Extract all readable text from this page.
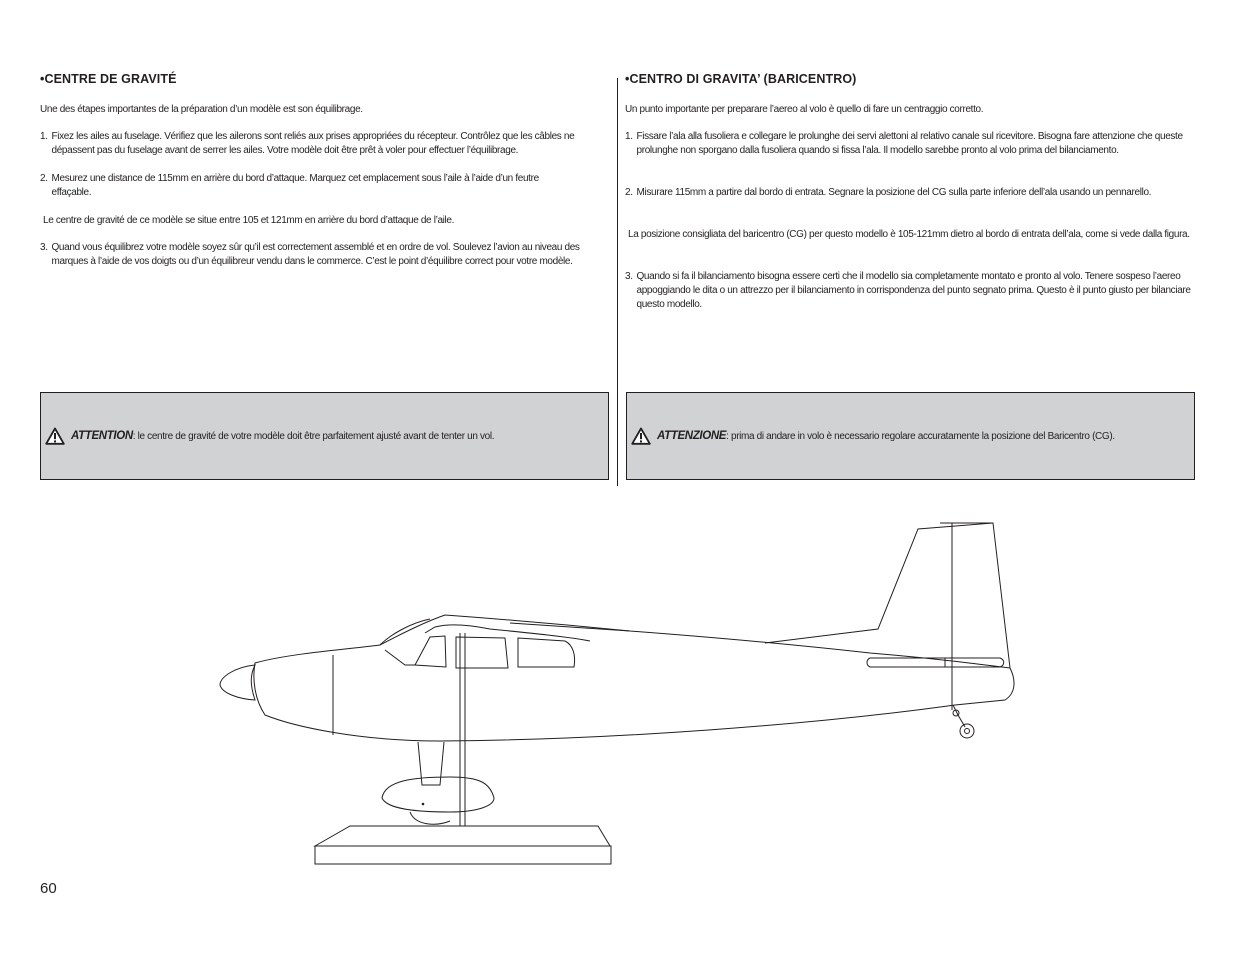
•CENTRE DE GRAVITÉ

Une des étapes importantes de la préparation d’un modèle est son équilibrage.

1. Fixez les ailes au fuselage. Vérifiez que les ailerons sont reliés aux prises appropriées du récepteur. Contrôlez que les câbles ne dépassent pas du fuselage avant de serrer les ailes. Votre modèle doit être prêt à voler pour effectuer l’équilibrage.
2. Mesurez une distance de 115mm en arrière du bord d’attaque. Marquez cet emplacement sous l’aile à l’aide d’un feutre effaçable.

Le centre de gravité de ce modèle se situe entre 105 et 121mm en arrière du bord d’attaque de l’aile.

3. Quand vous équilibrez votre modèle soyez sûr qu’il est correctement assemblé et en ordre de vol. Soulevez l’avion au niveau des marques à l’aide de vos doigts ou d’un équilibreur vendu dans le commerce. C’est le point d’équilibre correct pour votre modèle.
ATTENTION: le centre de gravité de votre modèle doit être parfaitement ajusté avant de tenter un vol.
•CENTRO DI GRAVITA’ (BARICENTRO)

Un punto importante per preparare l’aereo al volo è quello di fare un centraggio corretto.

1. Fissare l’ala alla fusoliera e collegare le prolunghe dei servi alettoni al relativo canale sul ricevitore. Bisogna fare attenzione che queste prolunghe non sporgano dalla fusoliera quando si fissa l’ala. Il modello sarebbe pronto al volo prima del bilanciamento.
2. Misurare 115mm a partire dal bordo di entrata. Segnare la posizione del CG sulla parte inferiore dell’ala usando un pennarello.

La posizione consigliata del baricentro (CG) per questo modello è 105-121mm dietro al bordo di entrata dell’ala, come si vede dalla figura.

3. Quando si fa il bilanciamento bisogna essere certi che il modello sia completamente montato e pronto al volo. Tenere sospeso l’aereo appoggiando le dita o un attrezzo per il bilanciamento in corrispondenza del punto segnato prima. Questo è il punto giusto per bilanciare questo modello.
ATTENZIONE: prima di andare in volo è necessario regolare accuratamente la posizione del Baricentro (CG).
60
